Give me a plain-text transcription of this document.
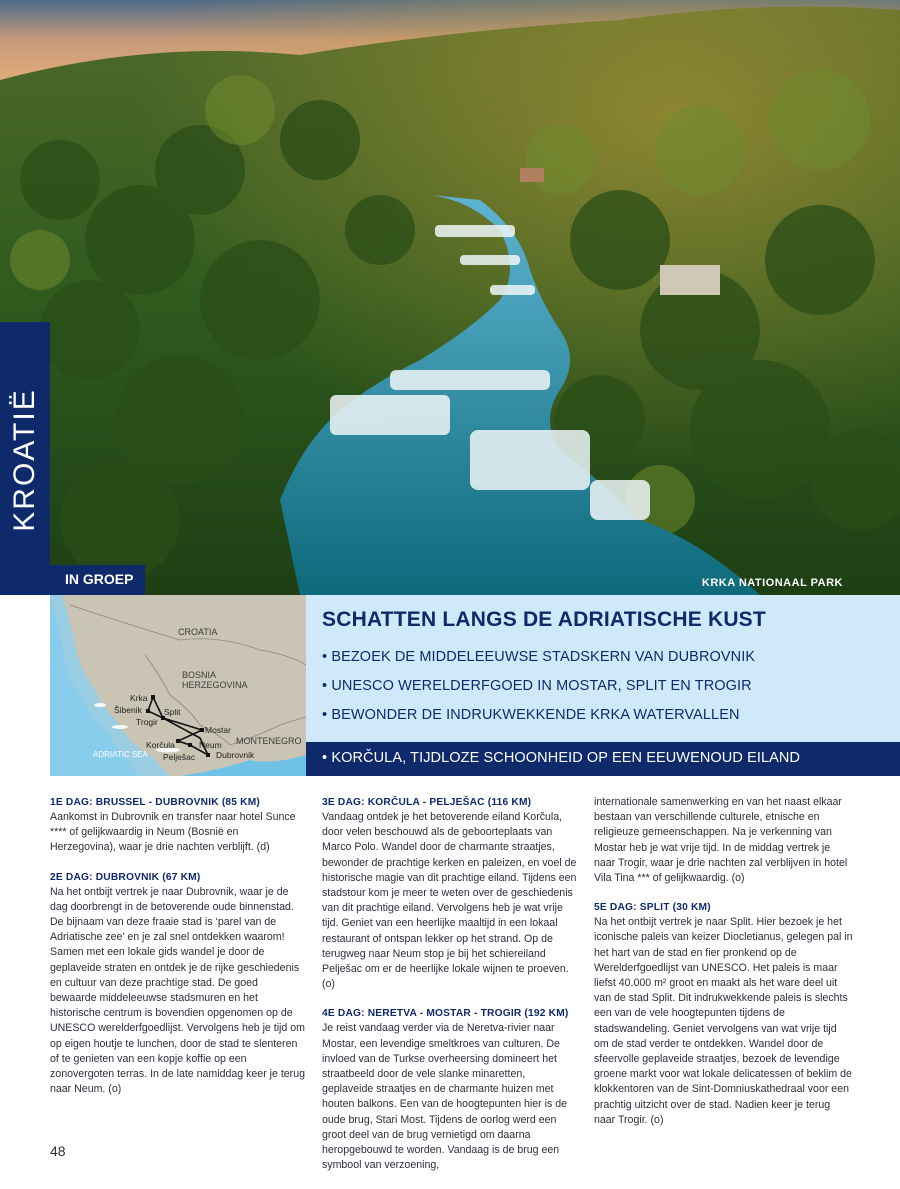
KROATIË
IN GROEP	KRKA NATIONAAL PARK
CROATIA
BOSNIA
HERZEGOVINA
MONTENEGRO
ADRIATIC SEA
Krka
Šibenik	Split
Trogir
Mostar
Korčula	Neum
Pelješac Dubrovnik
SCHATTEN LANGS DE ADRIATISCHE KUST
• BEZOEK DE MIDDELEEUWSE STADSKERN VAN DUBROVNIK
• UNESCO WERELDERFGOED IN MOSTAR, SPLIT EN TROGIR
• BEWONDER DE INDRUKWEKKENDE KRKA WATERVALLEN
• KORČULA, TIJDLOZE SCHOONHEID OP EEN EEUWENOUD EILAND
1E DAG: BRUSSEL - DUBROVNIK (85 KM)

Aankomst in Dubrovnik en transfer naar hotel Sunce **** of gelijkwaardig in Neum (Bosnië en Herzegovina), waar je drie nachten verblijft. (d)

2E DAG: DUBROVNIK (67 KM)

Na het ontbijt vertrek je naar Dubrovnik, waar je de dag doorbrengt in de betoverende oude binnenstad. De bijnaam van deze fraaie stad is ‘parel van de Adriatische zee’ en je zal snel ontdekken waarom! Samen met een lokale gids wandel je door de geplaveide straten en ontdek je de rijke geschiedenis en cultuur van deze prachtige stad. De goed bewaarde middeleeuwse stadsmuren en het historische centrum is bovendien opgenomen op de UNESCO werelderfgoedlijst. Vervolgens heb je tijd om op eigen houtje te lunchen, door de stad te slenteren of te genieten van een kopje koffie op een zonovergoten terras. In de late namiddag keer je terug naar Neum. (o)

3E DAG: KORČULA - PELJEŠAC (116 KM)

Vandaag ontdek je het betoverende eiland Korčula, door velen beschouwd als de geboorteplaats van Marco Polo. Wandel door de charmante straatjes, bewonder de prachtige kerken en paleizen, en voel de historische magie van dit prachtige eiland. Tijdens een stadstour kom je meer te weten over de geschiedenis van dit prachtige eiland. Vervolgens heb je wat vrije tijd. Geniet van een heerlijke maaltijd in een lokaal restaurant of ontspan lekker op het strand. Op de terugweg naar Neum stop je bij het schiereiland Pelješac om er de heerlijke lokale wijnen te proeven. (o)

4E DAG: NERETVA - MOSTAR - TROGIR (192 KM)

Je reist vandaag verder via de Neretva-rivier naar Mostar, een levendige smeltkroes van culturen. De invloed van de Turkse overheersing domineert het straatbeeld door de vele slanke minaretten, geplaveide straatjes en de charmante huizen met houten balkons. Een van de hoogtepunten hier is de oude brug, Stari Most. Tijdens de oorlog werd een groot deel van de brug vernietigd om daarna heropgebouwd te worden. Vandaag is de brug een symbool van verzoening,

internationale samenwerking en van het naast elkaar bestaan van verschillende culturele, etnische en religieuze gemeenschappen. Na je verkenning van Mostar heb je wat vrije tijd. In de middag vertrek je naar Trogir, waar je drie nachten zal verblijven in hotel Vila Tina *** of gelijkwaardig. (o)

5E DAG: SPLIT (30 KM)

Na het ontbijt vertrek je naar Split. Hier bezoek je het iconische paleis van keizer Diocletianus, gelegen pal in het hart van de stad en fier pronkend op de Werelderfgoedlijst van UNESCO. Het paleis is maar liefst 40.000 m² groot en maakt als het ware deel uit van de stad Split. Dit indrukwekkende paleis is slechts een van de vele hoogtepunten tijdens de stadswandeling. Geniet vervolgens van wat vrije tijd om de stad verder te ontdekken. Wandel door de sfeervolle geplaveide straatjes, bezoek de levendige groene markt voor wat lokale delicatessen of beklim de klokkentoren van de Sint-Domniuskathedraal voor een prachtig uitzicht over de stad. Nadien keer je terug naar Trogir. (o)

48
